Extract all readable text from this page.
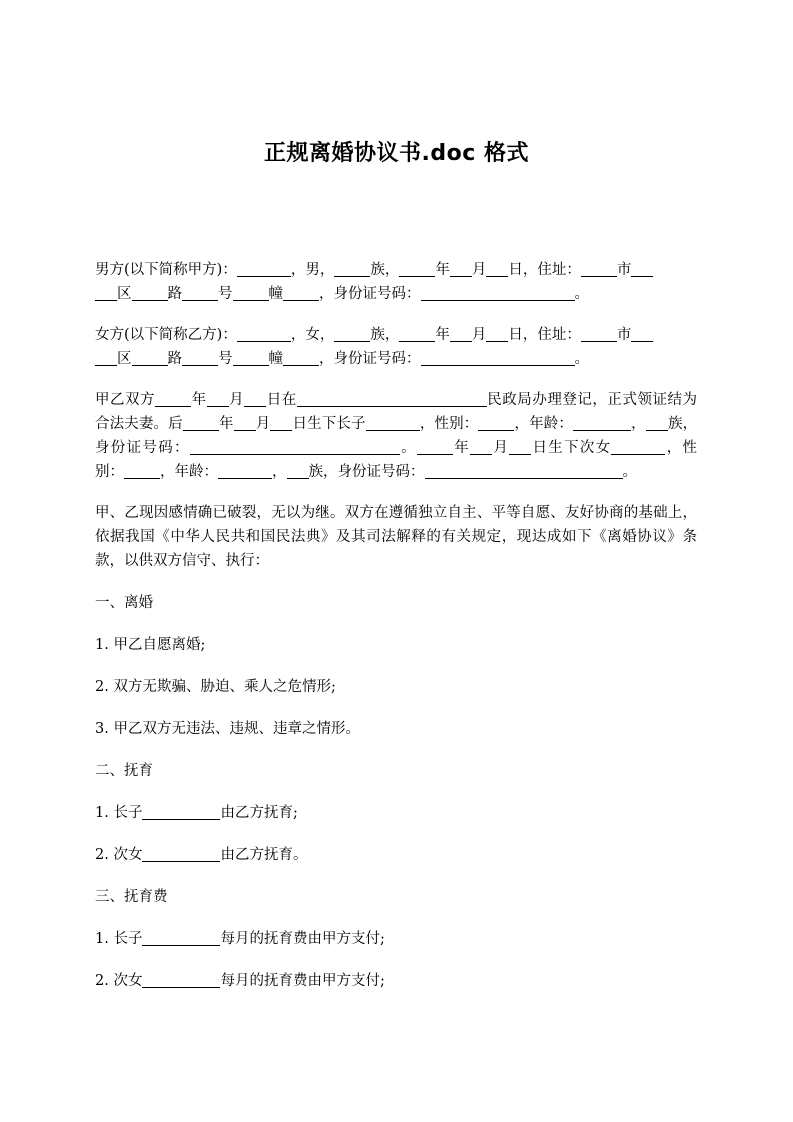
正规离婚协议书.doc 格式

男方(以下简称甲方)：	，男， 族， 年 月 日，住址： 市
区 路 号 幢 ，身份证号码：	。

女方(以下简称乙方)：	，女， 族， 年 月 日，住址： 市
区 路 号 幢 ，身份证号码：	。

甲乙双方 年 月 日在	民政局办理登记，正式领证结为合法夫妻。后 年 月 日生下长子	，性别： ，年龄：	， 族，身份证号码：	。 年 月 日生下次女	，性别： ，年龄：	， 族，身份证号码：	。

甲、乙现因感情确已破裂，无以为继。双方在遵循独立自主、平等自愿、友好协商的基础上，依据我国《中华人民共和国民法典》及其司法解释的有关规定，现达成如下《离婚协议》条款，以供双方信守、执行：

一、离婚

1. 甲乙自愿离婚;

2. 双方无欺骗、胁迫、乘人之危情形;

3. 甲乙双方无违法、违规、违章之情形。

二、抚育

1. 长子	由乙方抚育;

2. 次女	由乙方抚育。

三、抚育费

1. 长子	每月的抚育费由甲方支付;

2. 次女	每月的抚育费由甲方支付;
